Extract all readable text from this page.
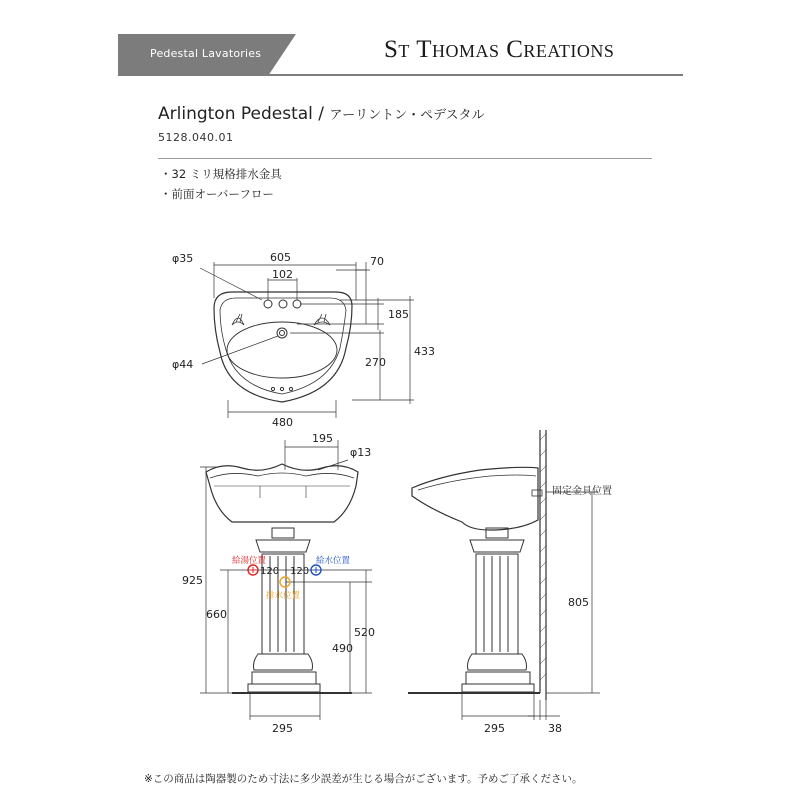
Pedestal Lavatories	St Thomas Creations
Arlington Pedestal / アーリントン・ペデスタル
5128.040.01
・32 ミリ規格排水金具
・前面オーバーフロー
φ35	605
102
70
185
φ44	270
433
480
195
φ13
925
120 120
660
520
490
295
805
295	38
給湯位置	給水位置
排水位置
固定金具位置
※この商品は陶器製のため寸法に多少誤差が生じる場合がございます。予めご了承ください。
